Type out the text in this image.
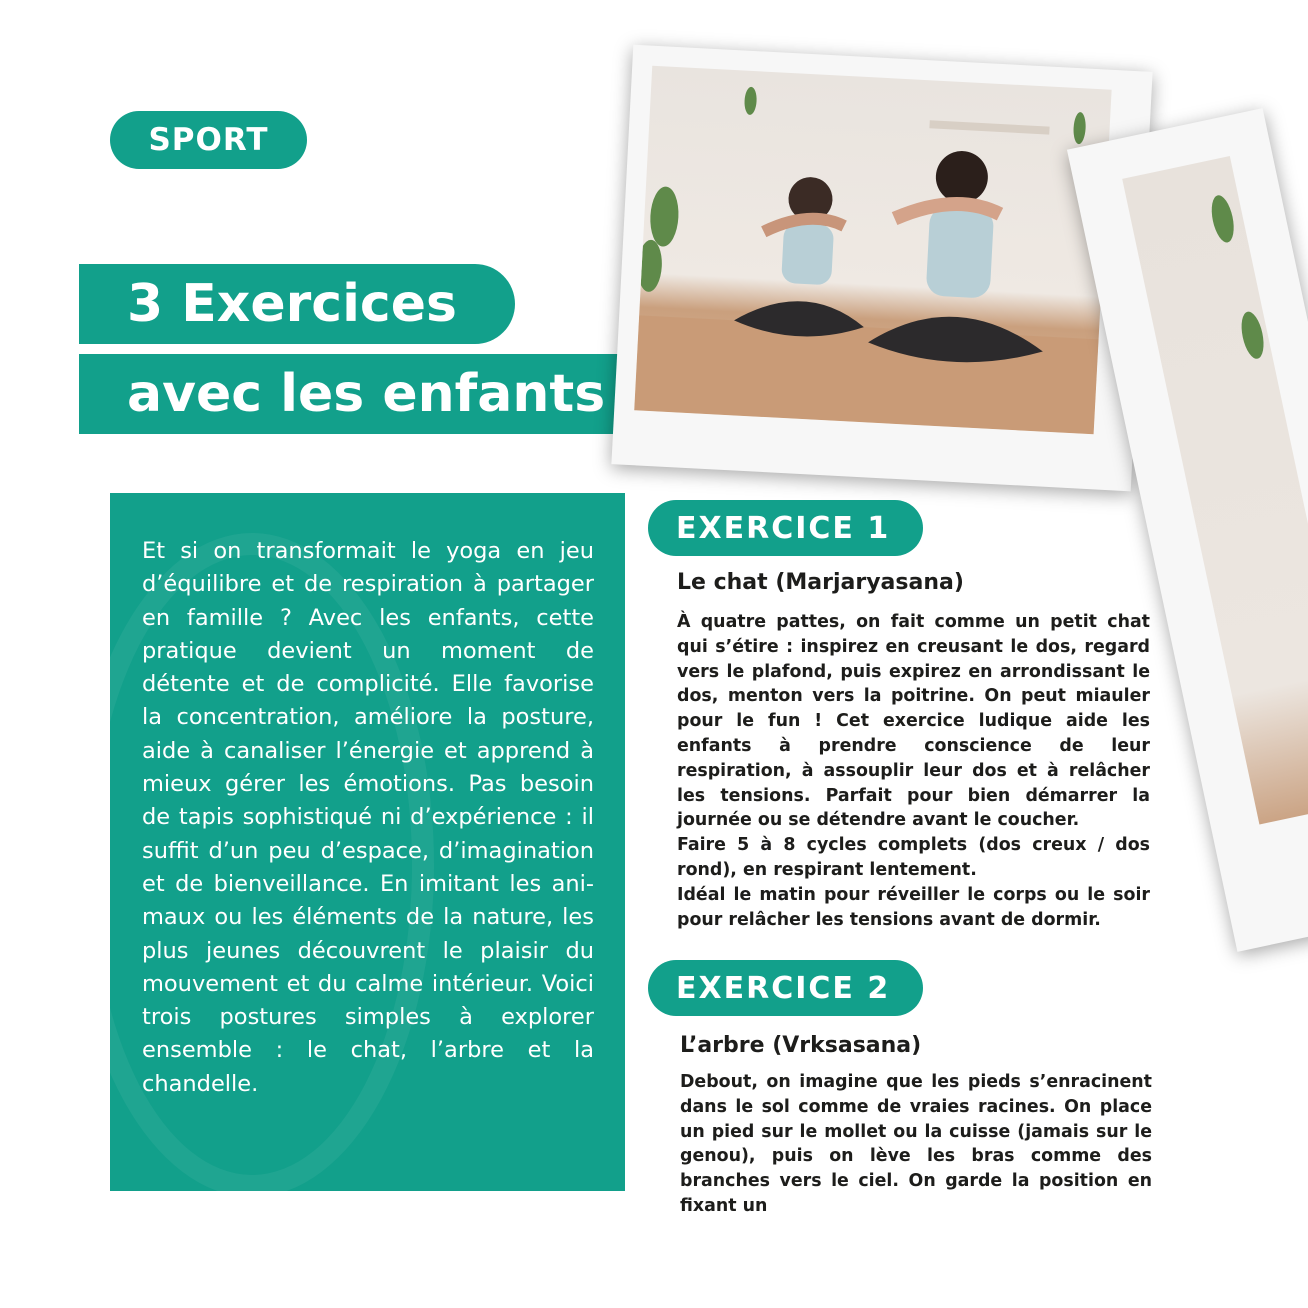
SPORT
3 Exercices
avec les enfants

Et si on transformait le yoga en jeu d’équilibre et de respiration à partager en famille ? Avec les enfants, cette pratique devient un moment de détente et de complicité. Elle favorise la concentration, améliore la posture, aide à canaliser l’énergie et apprend à mieux gérer les émotions. Pas besoin de tapis sophistiqué ni d’expérience : il suffit d’un peu d’espace, d’imagination et de bienveillance. En imitant les animaux ou les éléments de la nature, les plus jeunes découvrent le plaisir du mouvement et du calme intérieur. Voici trois postures simples à explorer ensemble : le chat, l’arbre et la chandelle.

EXERCICE 1
Le chat (Marjaryasana)

À quatre pattes, on fait comme un petit chat qui s’étire : inspirez en creusant le dos, regard vers le plafond, puis expirez en arrondissant le dos, menton vers la poitrine. On peut miauler pour le fun ! Cet exercice ludique aide les enfants à prendre conscience de leur respiration, à assouplir leur dos et à relâcher les tensions. Parfait pour bien démarrer la journée ou se détendre avant le coucher.

Faire 5 à 8 cycles complets (dos creux / dos rond), en respirant lentement.

Idéal le matin pour réveiller le corps ou le soir pour relâcher les tensions avant de dormir.

EXERCICE 2
L’arbre (Vrksasana)

Debout, on imagine que les pieds s’enracinent dans le sol comme de vraies racines. On place un pied sur le mollet ou la cuisse (jamais sur le genou), puis on lève les bras comme des branches vers le ciel. On garde la position en fixant un
